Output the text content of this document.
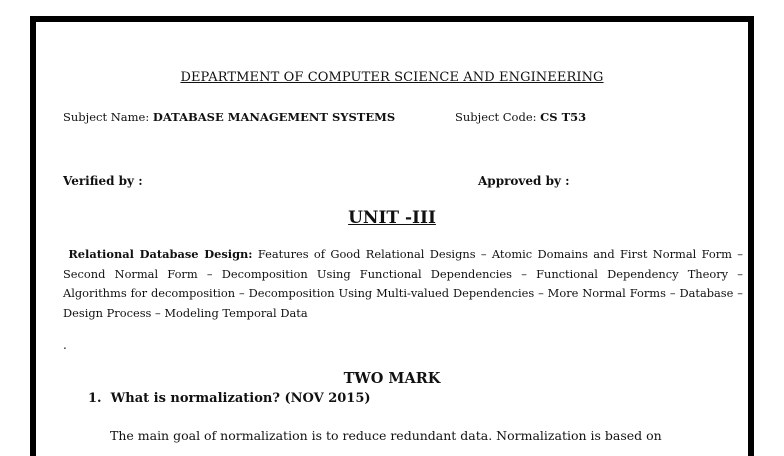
DEPARTMENT OF COMPUTER SCIENCE AND ENGINEERING
Subject Name: DATABASE MANAGEMENT SYSTEMS	Subject Code: CS T53
Verified by :	Approved by :
UNIT -III
Relational Database Design: Features of Good Relational Designs – Atomic Domains and First Normal Form – Second Normal Form – Decomposition Using Functional Dependencies – Functional Dependency Theory – Algorithms for decomposition – Decomposition Using Multi-valued Dependencies – More Normal Forms – Database – Design Process – Modeling Temporal Data
.
TWO MARK
1. What is normalization? (NOV 2015)
The main goal of normalization is to reduce redundant data. Normalization is based on
